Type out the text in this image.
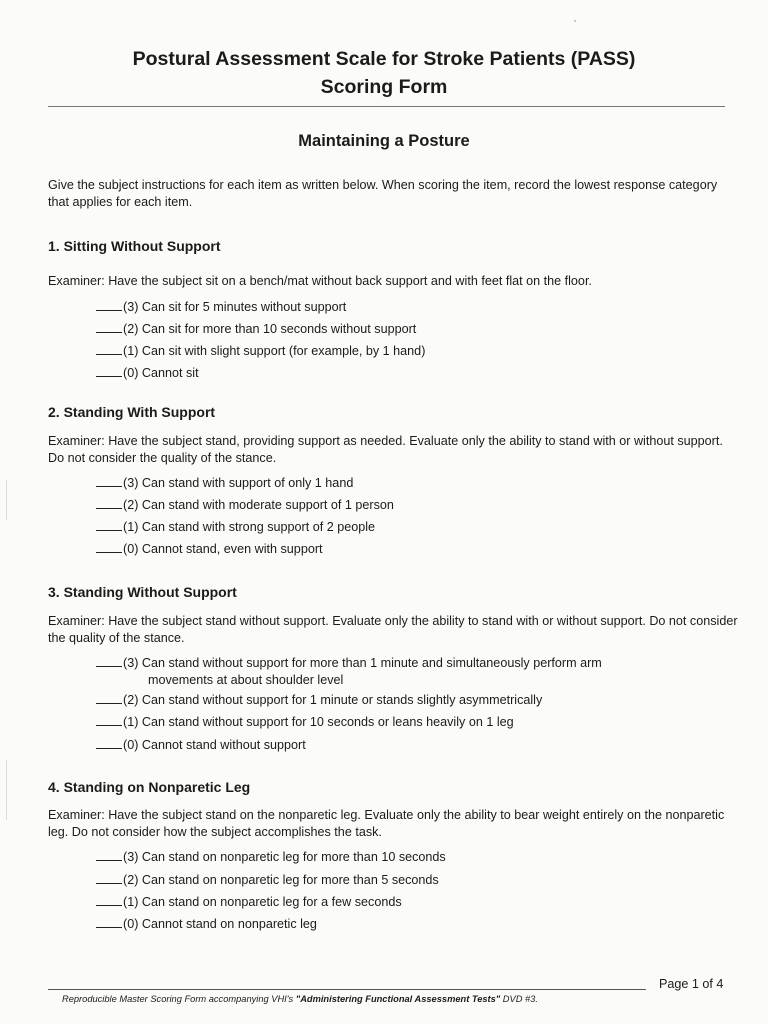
Postural Assessment Scale for Stroke Patients (PASS)
Scoring Form
Maintaining a Posture
Give the subject instructions for each item as written below. When scoring the item, record the lowest response category that applies for each item.
1. Sitting Without Support
Examiner: Have the subject sit on a bench/mat without back support and with feet flat on the floor.
(3) Can sit for 5 minutes without support
(2) Can sit for more than 10 seconds without support
(1) Can sit with slight support (for example, by 1 hand)
(0) Cannot sit
2. Standing With Support
Examiner: Have the subject stand, providing support as needed. Evaluate only the ability to stand with or without support. Do not consider the quality of the stance.
(3) Can stand with support of only 1 hand
(2) Can stand with moderate support of 1 person
(1) Can stand with strong support of 2 people
(0) Cannot stand, even with support
3. Standing Without Support
Examiner: Have the subject stand without support. Evaluate only the ability to stand with or without support. Do not consider the quality of the stance.
(3) Can stand without support for more than 1 minute and simultaneously perform arm
movements at about shoulder level
(2) Can stand without support for 1 minute or stands slightly asymmetrically
(1) Can stand without support for 10 seconds or leans heavily on 1 leg
(0) Cannot stand without support
4. Standing on Nonparetic Leg
Examiner: Have the subject stand on the nonparetic leg. Evaluate only the ability to bear weight entirely on the nonparetic leg. Do not consider how the subject accomplishes the task.
(3) Can stand on nonparetic leg for more than 10 seconds
(2) Can stand on nonparetic leg for more than 5 seconds
(1) Can stand on nonparetic leg for a few seconds
(0) Cannot stand on nonparetic leg
Page 1 of 4
Reproducible Master Scoring Form accompanying VHI's "Administering Functional Assessment Tests" DVD #3.
